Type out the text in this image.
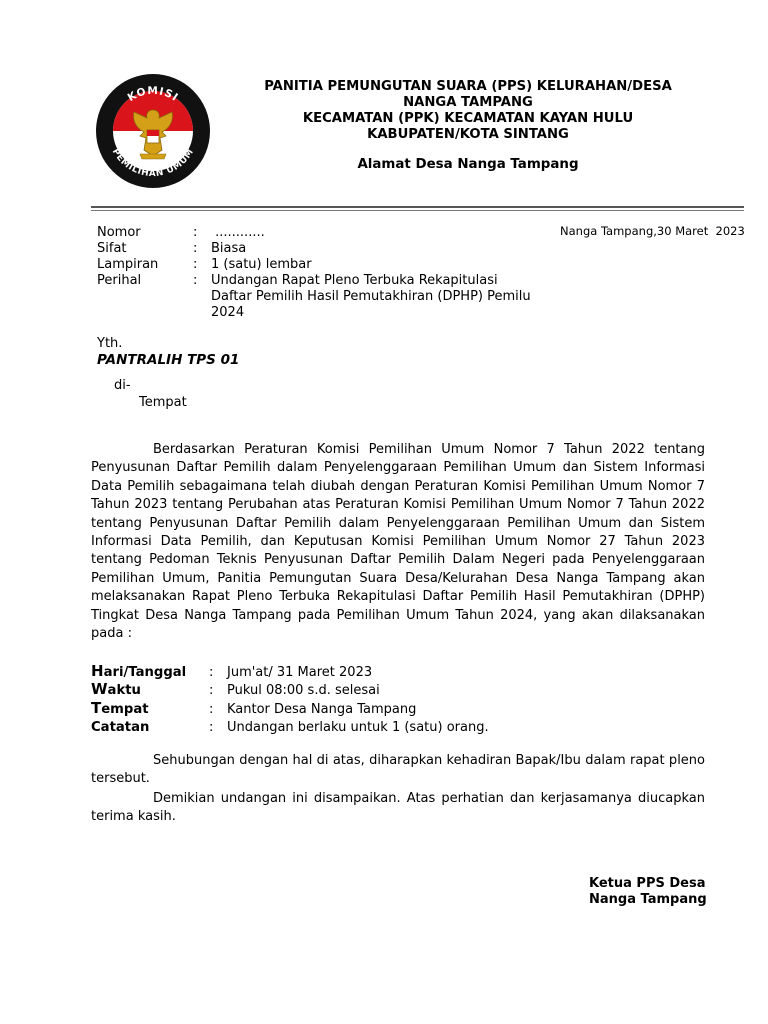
KOMISI
PEMILIHAN UMUM
PANITIA PEMUNGUTAN SUARA (PPS) KELURAHAN/DESA
NANGA TAMPANG
KECAMATAN (PPK) KECAMATAN KAYAN HULU
KABUPATEN/KOTA SINTANG
Alamat Desa Nanga Tampang
Nanga Tampang,30 Maret  2023
Nomor	:	............
Sifat	:	Biasa
Lampiran	:	1 (satu) lembar
Perihal	:	Undangan Rapat Pleno Terbuka Rekapitulasi Daftar Pemilih Hasil Pemutakhiran (DPHP) Pemilu 2024
Yth.
PANTRALIH TPS 01
di-
Tempat
Berdasarkan Peraturan Komisi Pemilihan Umum Nomor 7 Tahun 2022 tentang Penyusunan Daftar Pemilih dalam Penyelenggaraan Pemilihan Umum dan Sistem Informasi Data Pemilih sebagaimana telah diubah dengan Peraturan Komisi Pemilihan Umum Nomor 7 Tahun 2023 tentang Perubahan atas Peraturan Komisi Pemilihan Umum Nomor 7 Tahun 2022 tentang Penyusunan Daftar Pemilih dalam Penyelenggaraan Pemilihan Umum dan Sistem Informasi Data Pemilih, dan Keputusan Komisi Pemilihan Umum Nomor 27 Tahun 2023 tentang Pedoman Teknis Penyusunan Daftar Pemilih Dalam Negeri pada Penyelenggaraan Pemilihan Umum, Panitia Pemungutan Suara Desa/Kelurahan Desa Nanga Tampang akan melaksanakan Rapat Pleno Terbuka Rekapitulasi Daftar Pemilih Hasil Pemutakhiran (DPHP) Tingkat Desa Nanga Tampang pada Pemilihan Umum Tahun 2024, yang akan dilaksanakan pada :
Hari/Tanggal	:	Jum'at/ 31 Maret 2023
Waktu	:	Pukul 08:00 s.d. selesai
Tempat	:	Kantor Desa Nanga Tampang
Catatan	:	Undangan berlaku untuk 1 (satu) orang.
Sehubungan dengan hal di atas, diharapkan kehadiran Bapak/Ibu dalam rapat pleno tersebut.
Demikian undangan ini disampaikan. Atas perhatian dan kerjasamanya diucapkan terima kasih.
Ketua PPS Desa
Nanga Tampang
